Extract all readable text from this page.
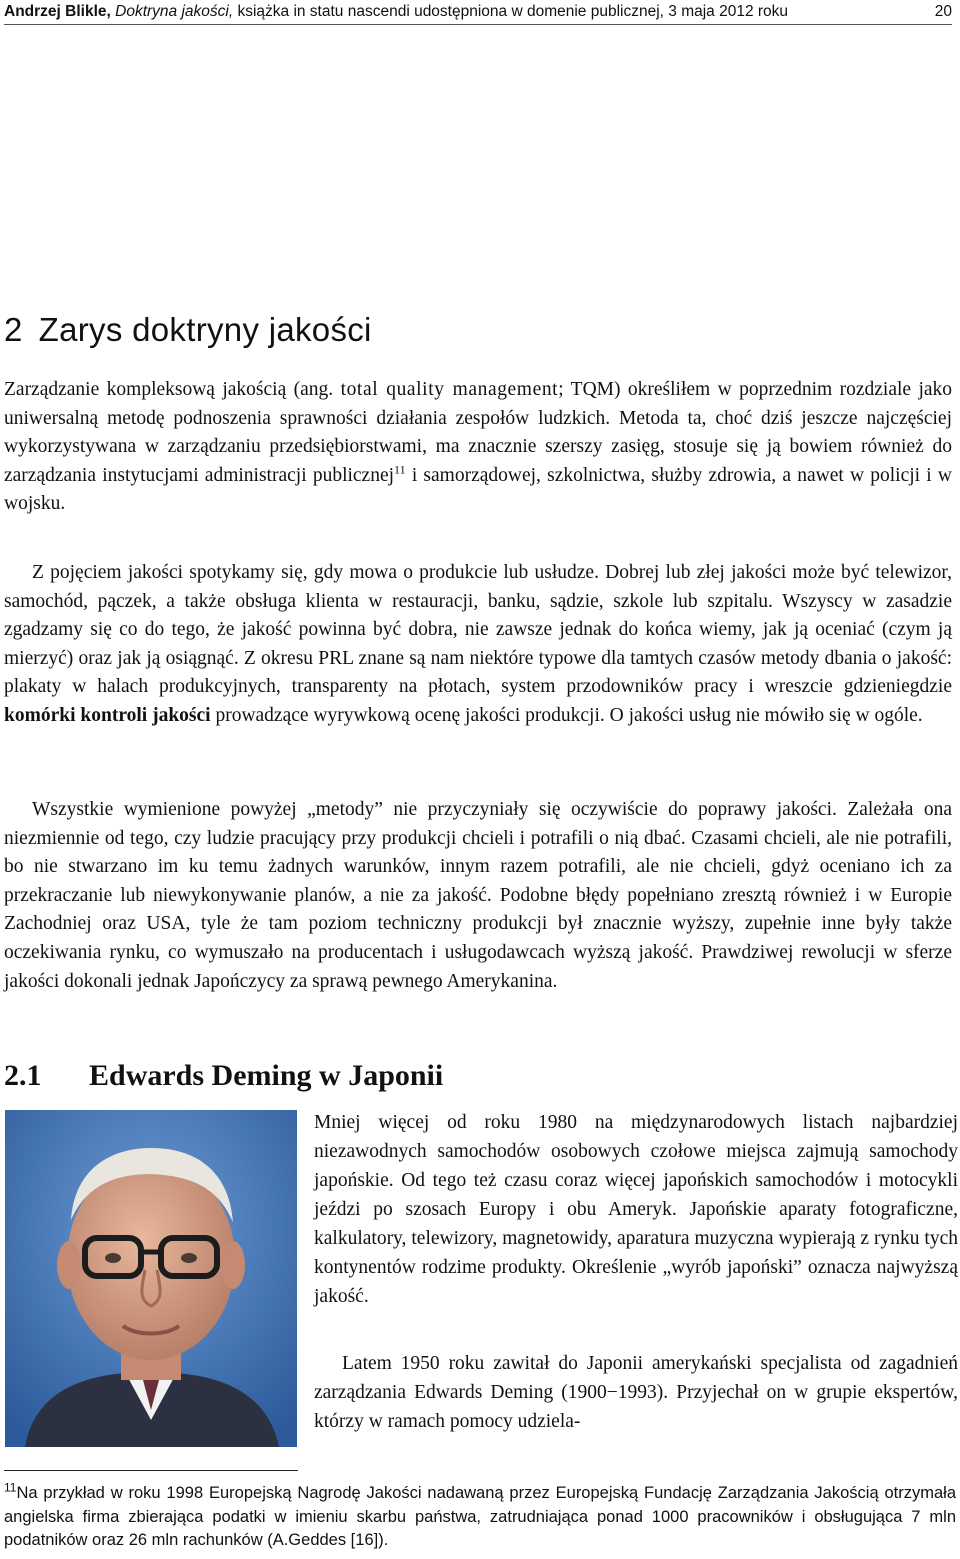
Andrzej Blikle, Doktryna jakości, książka in statu nascendi udostępniona w domenie publicznej, 3 maja 2012 roku	20
2 Zarys doktryny jakości

Zarządzanie kompleksową jakością (ang. total quality management; TQM) określiłem w poprzednim rozdziale jako uniwersalną metodę podnoszenia sprawności działania zespołów ludzkich. Metoda ta, choć dziś jeszcze najczęściej wykorzystywana w zarządzaniu przedsiębiorstwami, ma znacznie szerszy zasięg, stosuje się ją bowiem również do zarządzania instytucjami administracji publicznej$^{11}$ i samorządowej, szkolnictwa, służby zdrowia, a nawet w policji i w wojsku.

Z pojęciem jakości spotykamy się, gdy mowa o produkcie lub usłudze. Dobrej lub złej jakości może być telewizor, samochód, pączek, a także obsługa klienta w restauracji, banku, sądzie, szkole lub szpitalu. Wszyscy w zasadzie zgadzamy się co do tego, że jakość powinna być dobra, nie zawsze jednak do końca wiemy, jak ją oceniać (czym ją mierzyć) oraz jak ją osiągnąć. Z okresu PRL znane są nam niektóre typowe dla tamtych czasów metody dbania o jakość: plakaty w halach produkcyjnych, transparenty na płotach, system przodowników pracy i wreszcie gdzieniegdzie komórki kontroli jakości prowadzące wyrywkową ocenę jakości produkcji. O jakości usług nie mówiło się w ogóle.

Wszystkie wymienione powyżej „metody” nie przyczyniały się oczywiście do poprawy jakości. Zależała ona niezmiennie od tego, czy ludzie pracujący przy produkcji chcieli i potrafili o nią dbać. Czasami chcieli, ale nie potrafili, bo nie stwarzano im ku temu żadnych warunków, innym razem potrafili, ale nie chcieli, gdyż oceniano ich za przekraczanie lub niewykonywanie planów, a nie za jakość. Podobne błędy popełniano zresztą również i w Europie Zachodniej oraz USA, tyle że tam poziom techniczny produkcji był znacznie wyższy, zupełnie inne były także oczekiwania rynku, co wymuszało na producentach i usługodawcach wyższą jakość. Prawdziwej rewolucji w sferze jakości dokonali jednak Japończycy za sprawą pewnego Amerykanina.

2.1 Edwards Deming w Japonii

Mniej więcej od roku 1980 na międzynarodowych listach najbardziej niezawodnych samochodów osobowych czołowe miejsca zajmują samochody japońskie. Od tego też czasu coraz więcej japońskich samochodów i motocykli jeździ po szosach Europy i obu Ameryk. Japońskie aparaty fotograficzne, kalkulatory, telewizory, magnetowidy, aparatura muzyczna wypierają z rynku tych kontynentów rodzime produkty. Określenie „wyrób japoński” oznacza najwyższą jakość.

Latem 1950 roku zawitał do Japonii amerykański specjalista od zagadnień zarządzania Edwards Deming (1900−1993). Przyjechał on w grupie ekspertów, którzy w ramach pomocy udziela-

$^{11}$Na przykład w roku 1998 Europejską Nagrodę Jakości nadawaną przez Europejską Fundację Zarządzania Jakością otrzymała angielska firma zbierająca podatki w imieniu skarbu państwa, zatrudniająca ponad 1000 pracowników i obsługująca 7 mln podatników oraz 26 mln rachunków (A.Geddes [16]).
